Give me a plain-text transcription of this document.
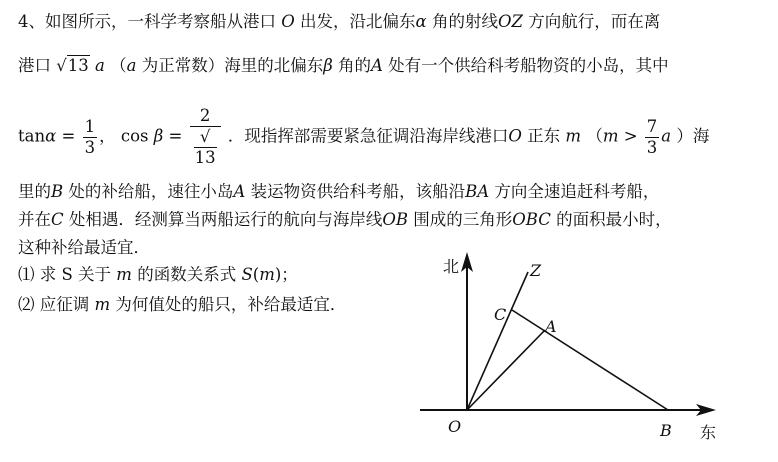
4、如图所示，一科学考察船从港口 O 出发，沿北偏东α 角的射线OZ 方向航行，而在离
港口 √13 a （a 为正常数）海里的北偏东β 角的A 处有一个供给科考船物资的小岛，其中
$\tan\alpha = \frac{1}{3}$ ， cos β = 2
√
13 ．现指挥部需要紧急征调沿海岸线港口O 正东 m （$m > \frac{7}{3}$ a ）海
里的B 处的补给船，速往小岛A 装运物资供给科考船，该船沿BA 方向全速追赶科考船，
并在C 处相遇．经测算当两船运行的航向与海岸线OB 围成的三角形OBC 的面积最小时，
这种补给最适宜．
⑴ 求 S 关于 m 的函数关系式 S(m)；
⑵ 应征调 m 为何值处的船只，补给最适宜．
北
东
O	B
C
A
Z
